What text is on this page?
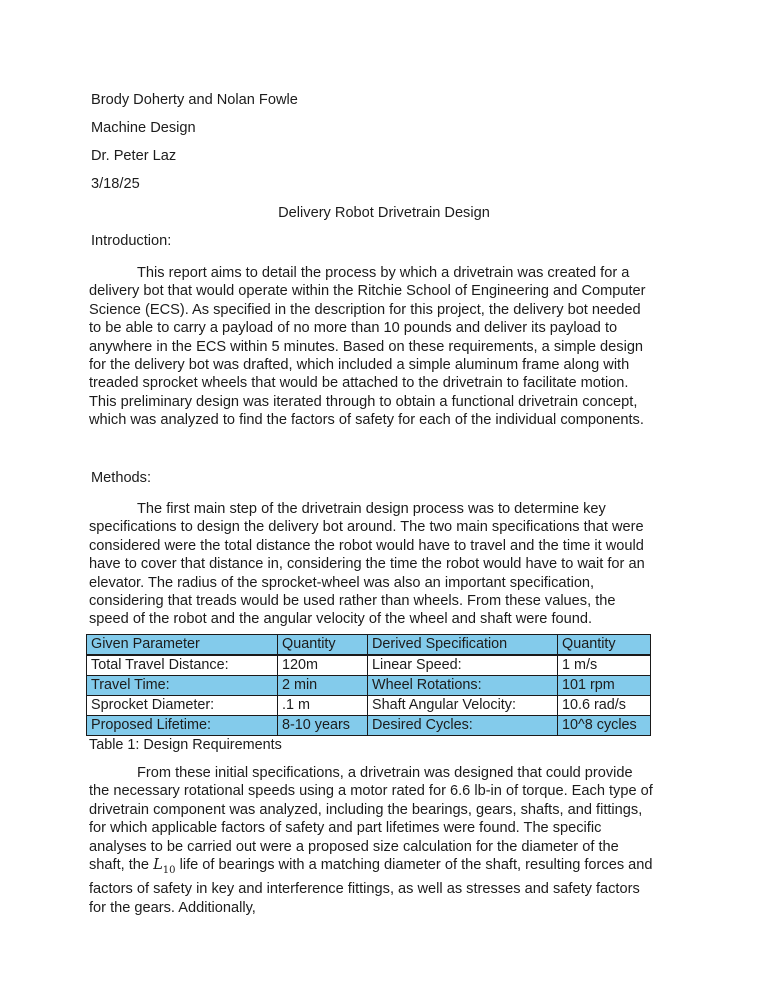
Brody Doherty and Nolan Fowle
Machine Design
Dr. Peter Laz
3/18/25
Delivery Robot Drivetrain Design
Introduction:

This report aims to detail the process by which a drivetrain was created for a delivery bot that would operate within the Ritchie School of Engineering and Computer Science (ECS). As specified in the description for this project, the delivery bot needed to be able to carry a payload of no more than 10 pounds and deliver its payload to anywhere in the ECS within 5 minutes. Based on these requirements, a simple design for the delivery bot was drafted, which included a simple aluminum frame along with treaded sprocket wheels that would be attached to the drivetrain to facilitate motion. This preliminary design was iterated through to obtain a functional drivetrain concept, which was analyzed to find the factors of safety for each of the individual components.

Methods:

The first main step of the drivetrain design process was to determine key specifications to design the delivery bot around. The two main specifications that were considered were the total distance the robot would have to travel and the time it would have to cover that distance in, considering the time the robot would have to wait for an elevator. The radius of the sprocket-wheel was also an important specification, considering that treads would be used rather than wheels. From these values, the speed of the robot and the angular velocity of the wheel and shaft were found.

Given Parameter	Quantity	Derived Specification	Quantity
Total Travel Distance:	120m	Linear Speed:	1 m/s
Travel Time:	2 min	Wheel Rotations:	101 rpm
Sprocket Diameter:	.1 m	Shaft Angular Velocity:	10.6 rad/s
Proposed Lifetime:	8-10 years	Desired Cycles:	10^8 cycles
Table 1: Design Requirements

From these initial specifications, a drivetrain was designed that could provide the necessary rotational speeds using a motor rated for 6.6 lb-in of torque. Each type of drivetrain component was analyzed, including the bearings, gears, shafts, and fittings, for which applicable factors of safety and part lifetimes were found. The specific analyses to be carried out were a proposed size calculation for the diameter of the shaft, the $L_{10}$ life of bearings with a matching diameter of the shaft, resulting forces and factors of safety in key and interference fittings, as well as stresses and safety factors for the gears. Additionally,
